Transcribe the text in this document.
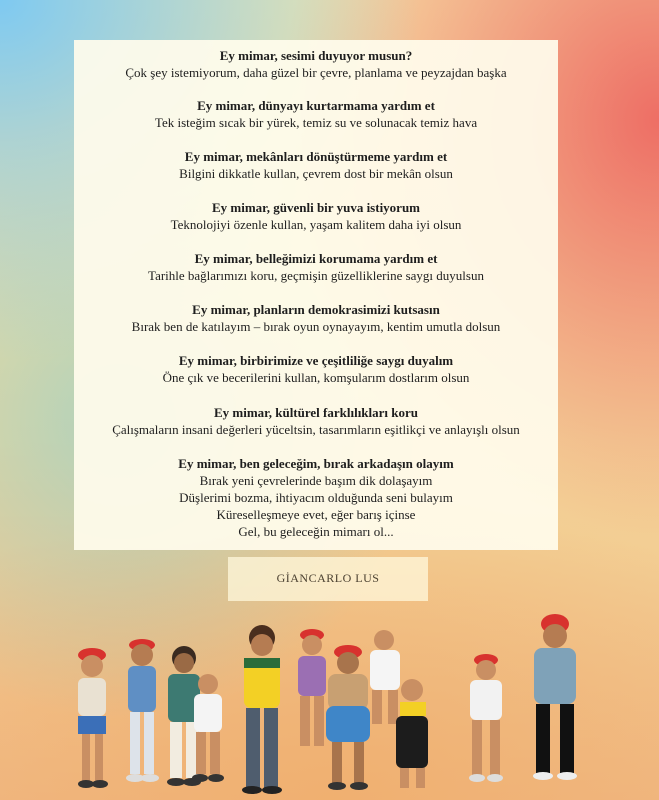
Ey mimar, sesimi duyuyor musun?
Çok şey istemiyorum, daha güzel bir çevre, planlama ve peyzajdan başka
Ey mimar, dünyayı kurtarmama yardım et
Tek isteğim sıcak bir yürek, temiz su ve solunacak temiz hava
Ey mimar, mekânları dönüştürmeme yardım et
Bilgini dikkatle kullan, çevrem dost bir mekân olsun
Ey mimar, güvenli bir yuva istiyorum
Teknolojiyi özenle kullan, yaşam kalitem daha iyi olsun
Ey mimar, belleğimizi korumama yardım et
Tarihle bağlarımızı koru, geçmişin güzelliklerine saygı duyulsun
Ey mimar, planların demokrasimizi kutsasın
Bırak ben de katılayım – bırak oyun oynayayım, kentim umutla dolsun
Ey mimar, birbirimize ve çeşitliliğe saygı duyalım
Öne çık ve becerilerini kullan, komşularım dostlarım olsun
Ey mimar, kültürel farklılıkları koru
Çalışmaların insani değerleri yüceltsin, tasarımların eşitlikçi ve anlayışlı olsun
Ey mimar, ben geleceğim, bırak arkadaşın olayım
Bırak yeni çevrelerinde başım dik dolaşayım
Düşlerimi bozma, ihtiyacım olduğunda seni bulayım
Küreselleşmeye evet, eğer barış içinse
Gel, bu geleceğin mimarı ol...
GİANCARLO LUS
